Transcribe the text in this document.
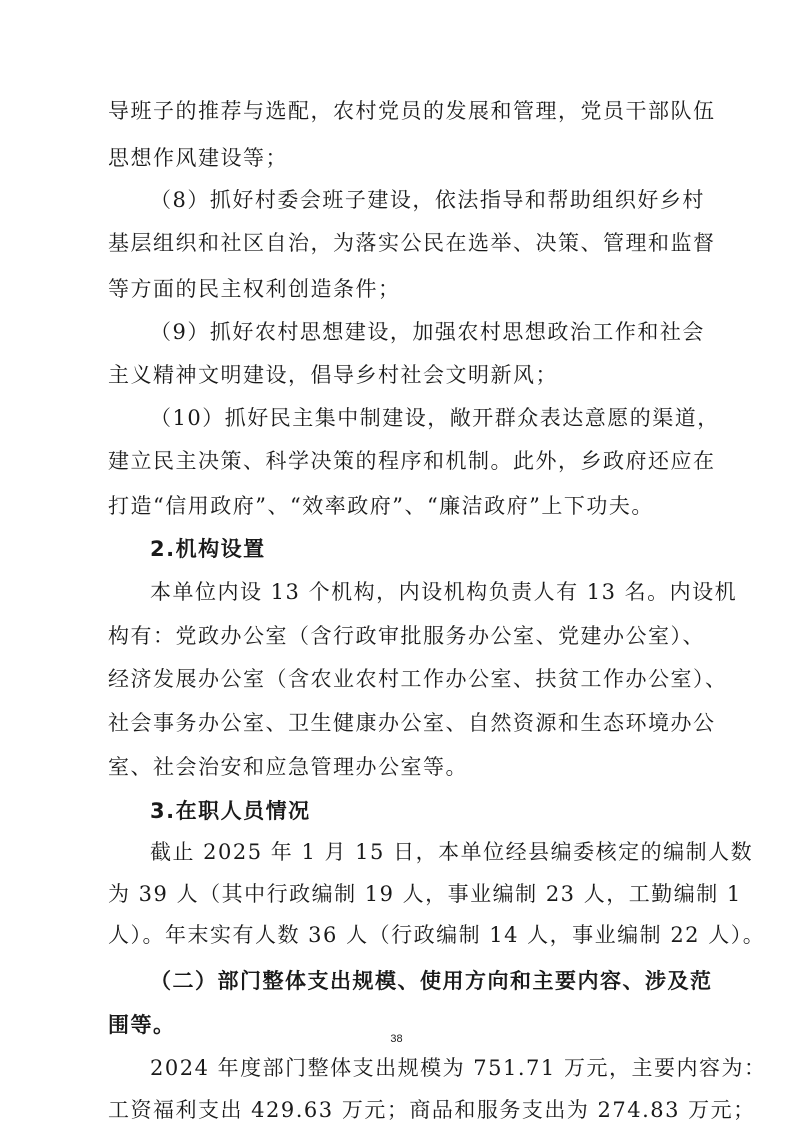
导班子的推荐与选配，农村党员的发展和管理，党员干部队伍
思想作风建设等；
（8）抓好村委会班子建设，依法指导和帮助组织好乡村
基层组织和社区自治，为落实公民在选举、决策、管理和监督
等方面的民主权利创造条件；
（9）抓好农村思想建设，加强农村思想政治工作和社会
主义精神文明建设，倡导乡村社会文明新风；
（10）抓好民主集中制建设，敞开群众表达意愿的渠道，
建立民主决策、科学决策的程序和机制。此外，乡政府还应在
打造“信用政府”、“效率政府”、“廉洁政府”上下功夫。
2.机构设置
本单位内设 13 个机构，内设机构负责人有 13 名。内设机
构有：党政办公室（含行政审批服务办公室、党建办公室）、
经济发展办公室（含农业农村工作办公室、扶贫工作办公室）、
社会事务办公室、卫生健康办公室、自然资源和生态环境办公
室、社会治安和应急管理办公室等。
3.在职人员情况
截止 2025 年 1 月 15 日，本单位经县编委核定的编制人数
为 39 人（其中行政编制 19 人，事业编制 23 人，工勤编制 1
人）。年末实有人数 36 人（行政编制 14 人，事业编制 22 人）。
（二）部门整体支出规模、使用方向和主要内容、涉及范
围等。
2024 年度部门整体支出规模为 751.71 万元，主要内容为：
工资福利支出 429.63 万元；商品和服务支出为 274.83 万元；
38
